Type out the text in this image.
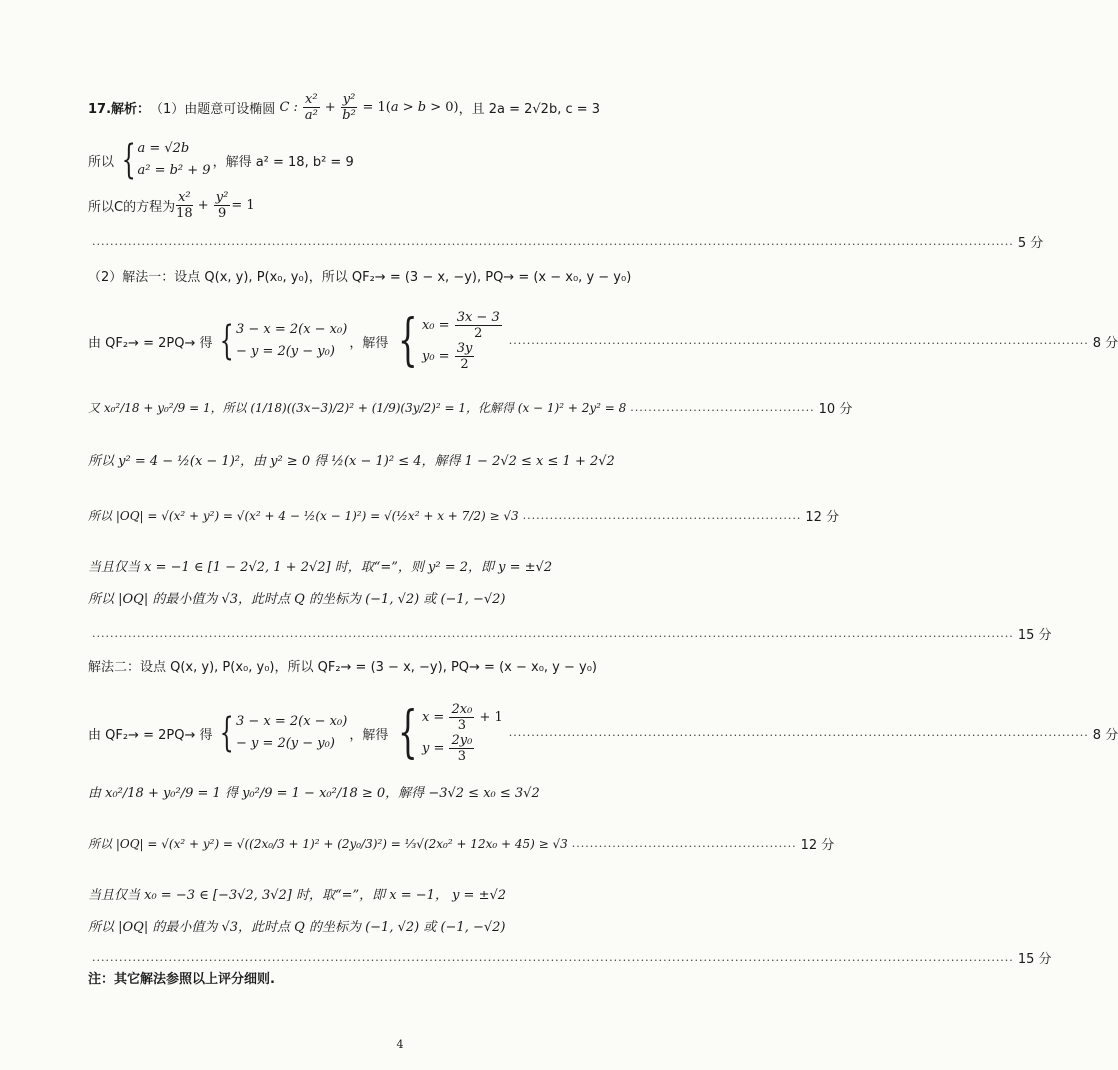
17.解析： （1）由题意可设椭圆 C : $\frac{\text{x²}}{\text{a²}} + \frac{\text{y²}}{\text{b²}} = 1(a > b > 0)$ ，且 2a = 2√2b, c = 3
所以 { a = √2b
a² = b² + 9
，解得 a² = 18, b² = 9
所以C的方程为 $\frac{\text{x²}}{18} + \frac{\text{y²}}{9} = 1$
............................................................................................................................................................................................................. 5 分
（2）解法一：设点 Q(x, y), P(x₀, y₀)，所以 QF₂→ = (3 − x, −y), PQ→ = (x − x₀, y − y₀)
由 QF₂→ = 2PQ→ 得 { 3 − x = 2(x − x₀)
− y = 2(y − y₀)
，解得 { $x_0 = \frac{3x - 3}{2}$
$y_0 = \frac{3y}{2}$
................................................................................................................................. 8 分
又 x₀²/18 + y₀²/9 = 1，所以 (1/18)((3x−3)/2)² + (1/9)(3y/2)² = 1，化解得 (x − 1)² + 2y² = 8 ......................................... 10 分
所以 y² = 4 − ½(x − 1)²，由 y² ≥ 0 得 ½(x − 1)² ≤ 4，解得 1 − 2√2 ≤ x ≤ 1 + 2√2
所以 |OQ| = √(x² + y²) = √(x² + 4 − ½(x − 1)²) = √(½x² + x + 7/2) ≥ √3 .............................................................. 12 分
当且仅当 x = −1 ∈ [1 − 2√2, 1 + 2√2] 时，取“=”，则 y² = 2，即 y = ±√2
所以 |OQ| 的最小值为 √3，此时点 Q 的坐标为 (−1, √2) 或 (−1, −√2)
............................................................................................................................................................................................................. 15 分
解法二：设点 Q(x, y), P(x₀, y₀)，所以 QF₂→ = (3 − x, −y), PQ→ = (x − x₀, y − y₀)
由 QF₂→ = 2PQ→ 得 { 3 − x = 2(x − x₀)
− y = 2(y − y₀)
，解得 { $x = \frac{\text{2x₀}}{3} + 1$
$y = \frac{\text{2y₀}}{3}$
................................................................................................................................. 8 分
由 x₀²/18 + y₀²/9 = 1 得 y₀²/9 = 1 − x₀²/18 ≥ 0，解得 −3√2 ≤ x₀ ≤ 3√2
所以 |OQ| = √(x² + y²) = √((2x₀/3 + 1)² + (2y₀/3)²) = ⅓√(2x₀² + 12x₀ + 45) ≥ √3 .................................................. 12 分
当且仅当 x₀ = −3 ∈ [−3√2, 3√2] 时，取“=”，即 x = −1， y = ±√2
所以 |OQ| 的最小值为 √3，此时点 Q 的坐标为 (−1, √2) 或 (−1, −√2)
............................................................................................................................................................................................................. 15 分
注：其它解法参照以上评分细则.
4
